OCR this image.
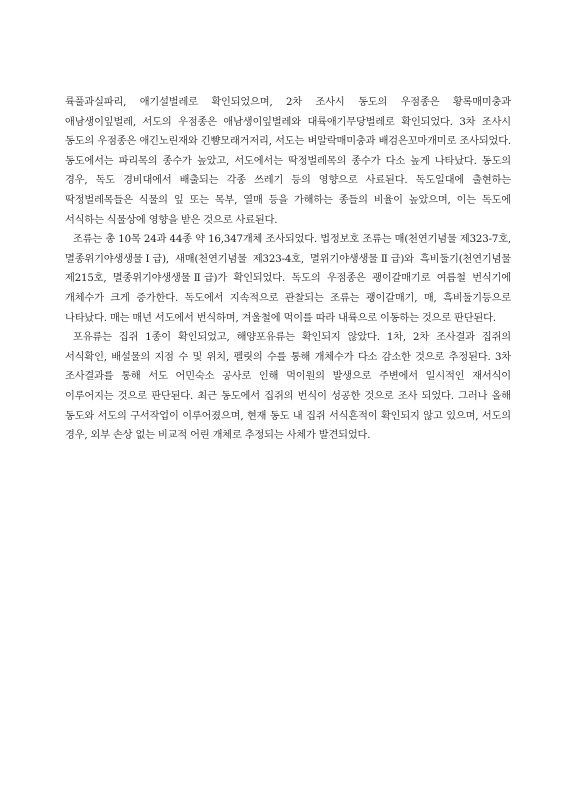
륙풀과실파리, 애기설벌레로 확인되었으며, 2차 조사시 동도의 우점종은 황록매미충과 애남생이잎벌레, 서도의 우점종은 애남생이잎벌레와 대륙애기무당벌레로 확인되었다. 3차 조사시 동도의 우점종은 애긴노린재와 긴뺨모래거저리, 서도는 벼알락매미충과 배검은꼬마개미로 조사되었다. 동도에서는 파리목의 종수가 높았고, 서도에서는 딱정벌레목의 종수가 다소 높게 나타났다. 동도의 경우, 독도 경비대에서 배출되는 각종 쓰레기 등의 영향으로 사료된다. 독도일대에 출현하는 딱정벌레목들은 식물의 잎 또는 목부, 열매 등을 가해하는 종들의 비율이 높았으며, 이는 독도에 서식하는 식물상에 영향을 받은 것으로 사료된다.

조류는 총 10목 24과 44종 약 16,347개체 조사되었다. 법정보호 조류는 매(천연기념물 제323-7호, 멸종위기야생생물Ⅰ급), 새매(천연기념물 제323-4호, 멸위기야생생물Ⅱ급)와 흑비둘기(천연기념물 제215호, 멸종위기야생생물Ⅱ급)가 확인되었다. 독도의 우점종은 괭이갈매기로 여름철 번식기에 개체수가 크게 증가한다. 독도에서 지속적으로 관찰되는 조류는 괭이갈매기, 매, 흑비둘기등으로 나타났다. 매는 매년 서도에서 번식하며, 겨울철에 먹이를 따라 내륙으로 이동하는 것으로 판단된다.

포유류는 집쥐 1종이 확인되었고, 해양포유류는 확인되지 않았다. 1차, 2차 조사결과 집쥐의 서식확인, 배설물의 지점 수 및 위치, 펠릿의 수를 통해 개체수가 다소 감소한 것으로 추정된다. 3차 조사결과를 통해 서도 어민숙소 공사로 인해 먹이원의 발생으로 주변에서 일시적인 재서식이 이루어지는 것으로 판단된다. 최근 동도에서 집쥐의 번식이 성공한 것으로 조사 되었다. 그러나 올해 동도와 서도의 구서작업이 이루어졌으며, 현재 동도 내 집쥐 서식흔적이 확인되지 않고 있으며, 서도의 경우, 외부 손상 없는 비교적 어린 개체로 추정되는 사체가 발견되었다.
